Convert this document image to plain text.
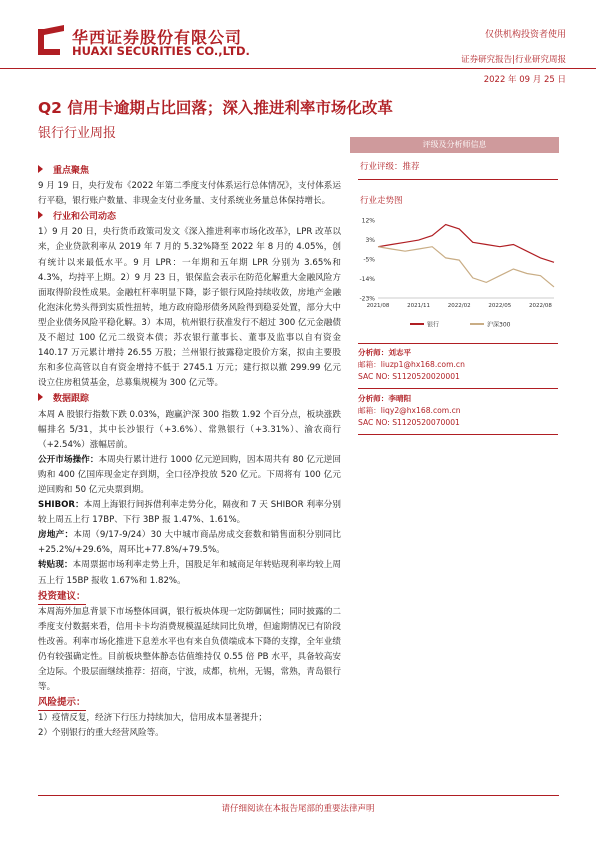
华西证券股份有限公司
HUAXI SECURITIES CO.,LTD.
仅供机构投资者使用
证券研究报告|行业研究周报
2022 年 09 月 25 日
Q2 信用卡逾期占比回落；深入推进利率市场化改革
银行行业周报
重点聚焦

9 月 19 日，央行发布《2022 年第二季度支付体系运行总体情况》，支付体系运行平稳，银行账户数量、非现金支付业务量、支付系统业务量总体保持增长。

行业和公司动态

1）9 月 20 日，央行货币政策司发文《深入推进利率市场化改革》，LPR 改革以来，企业贷款利率从 2019 年 7 月的 5.32%降至 2022 年 8 月的 4.05%，创有统计以来最低水平。9 月 LPR：一年期和五年期 LPR 分别为 3.65%和 4.3%，均持平上期。2）9 月 23 日，银保监会表示在防范化解重大金融风险方面取得阶段性成果。金融杠杆率明显下降，影子银行风险持续收敛，房地产金融化泡沫化势头得到实质性扭转，地方政府隐形债务风险得到稳妥处置，部分大中型企业债务风险平稳化解。3）本周，杭州银行获准发行不超过 300 亿元金融债及不超过 100 亿元二级资本债；苏农银行董事长、董事及监事以自有资金 140.17 万元累计增持 26.55 万股；兰州银行披露稳定股价方案，拟由主要股东和多位高管以自有资金增持不低于 2745.1 万元；建行拟以撤 299.99 亿元设立住房租赁基金，总募集规模为 300 亿元等。

数据跟踪

本周 A 股银行指数下跌 0.03%，跑赢沪深 300 指数 1.92 个百分点，板块涨跌幅排名 5/31，其中长沙银行（+3.6%）、常熟银行（+3.31%）、渝农商行（+2.54%）涨幅居前。

公开市场操作：本周央行累计进行 1000 亿元逆回购，因本周共有 80 亿元逆回购和 400 亿国库现金定存到期，全口径净投放 520 亿元。下周将有 100 亿元逆回购和 50 亿元央票到期。

SHIBOR：本周上海银行间拆借利率走势分化，隔夜和 7 天 SHIBOR 利率分别较上周五上行 17BP、下行 3BP 报 1.47%、1.61%。

房地产：本周（9/17-9/24）30 大中城市商品房成交套数和销售面积分别同比+25.2%/+29.6%，周环比+77.8%/+79.5%。

转贴现：本周票据市场利率走势上升，国股足年和城商足年转贴现利率均较上周五上行 15BP 报收 1.67%和 1.82%。

投资建议：

本周海外加息背景下市场整体回调，银行板块体现一定防御属性；同时披露的二季度支付数据来看，信用卡卡均消费规模温延续同比负增，但逾期情况已有阶段性改善。利率市场化推进下息差水平也有来自负债端成本下降的支撑，全年业绩仍有较强确定性。目前板块整体静态估值维持仅 0.55 倍 PB 水平，具备较高安全边际。个股层面继续推荐：招商，宁波，成都，杭州，无锡，常熟，青岛银行等。

风险提示：

1）疫情反复，经济下行压力持续加大，信用成本显著提升；

2）个别银行的重大经营风险等。

评级及分析师信息
行业评级：推荐
行业走势图
12%
3%
-5%
-14%
-23%
2021/08	2021/11	2022/02	2022/05	2022/08
银行	沪深300
分析师：刘志平
邮箱：liuzp1@hx168.com.cn
SAC NO: S1120520020001
分析师：李晴阳
邮箱：liqy2@hx168.com.cn
SAC NO: S1120520070001
请仔细阅读在本报告尾部的重要法律声明
